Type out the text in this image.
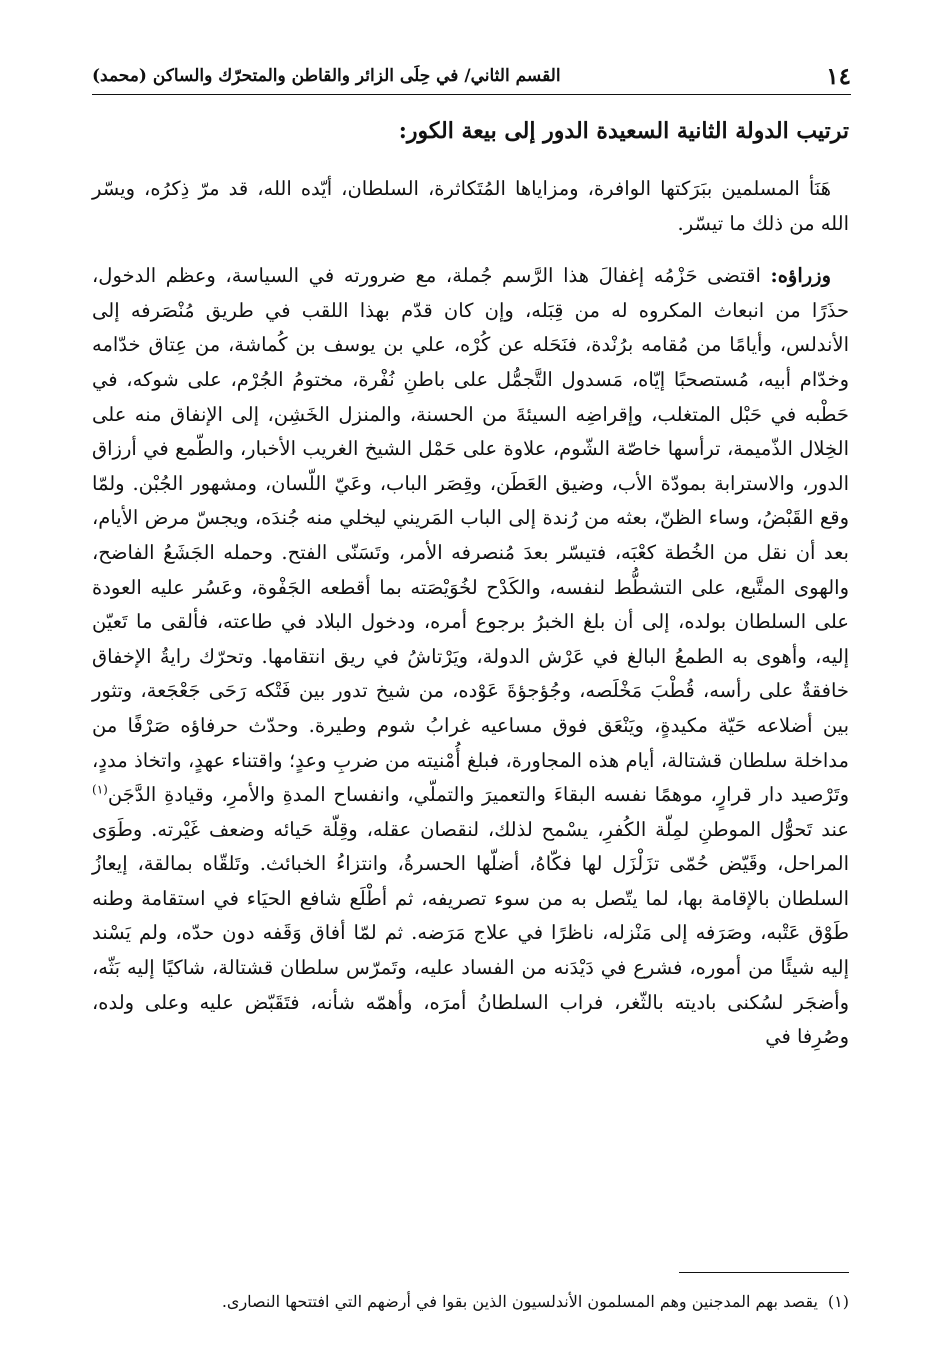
١٤
القسم الثاني/ في حِلَى الزائر والقاطن والمتحرّك والساكن (محمد)
ترتيب الدولة الثانية السعيدة الدور إلى بيعة الكور:

هَنَأ المسلمين ببَرَكتها الوافرة، ومزاياها المُتَكاثرة، السلطان، أيّده الله، قد مرّ ذِكرُه، ويسّر الله من ذلك ما تيسّر.

وزراؤه: اقتضى حَزْمُه إغفالَ هذا الرَّسم جُملة، مع ضرورته في السياسة، وعظم الدخول، حذَرًا من انبعاث المكروه له من قِبَله، وإن كان قدّم بهذا اللقب في طريق مُنْصَرفه إلى الأندلس، وأيامًا من مُقامه برُنْدة، فنَحَله عن كُرْه، علي بن يوسف بن كُماشة، من عِتاق خدّامه وخدّام أبيه، مُستصحبًا إيّاه، مَسدول التَّجمُّل على باطنِ نُفْرة، مختومُ الجُرْم، على شوكه، في حَطْبه في حَبْل المتغلب، وإقراضِه السيئةَ من الحسنة، والمنزل الخَشِن، إلى الإنفاق منه على الخِلال الذّميمة، ترأسها خاصّة الشّوم، علاوة على حَمْل الشيخ الغريب الأخبار، والطّمع في أرزاق الدور، والاسترابة بمودّة الأب، وضيق العَطَن، وقِصَر الباب، وعَيّ اللّسان، ومشهور الجُبْن. ولمّا وقع القَبْضُ، وساء الظنّ، بعثه من رُندة إلى الباب المَريني ليخلي منه جُندَه، ويجسّ مرض الأيام، بعد أن نقل من الخُطة كعْبَه، فتيسّر بعدَ مُنصرفه الأمر، وتَسَنّى الفتح. وحمله الجَشَعُ الفاضح، والهوى المتَّبع، على التشطُّط لنفسه، والكَدْح لخُوَيْصَته بما أقطعه الجَفْوة، وعَسُر عليه العودة على السلطان بولده، إلى أن بلغ الخبرُ برجوع أمره، ودخول البلاد في طاعته، فألقى ما تَعيّن إليه، وأهوى به الطمعُ البالغ في عَرْش الدولة، ويَرْتاشُ في ريق انتقامها. وتحرّك رايةُ الإخفاق خافقةٌ على رأسه، قُطْبَ مَخْلَصه، وجُؤجؤةَ عَوْده، من شيخ تدور بين فَتْكه رَحَى جَعْجَعة، وتثور بين أضلاعه حَيّة مكيدةٍ، ويَنْعَق فوق مساعيه غرابُ شوم وطيرة. وحدّث حرفاؤه صَرْفًا من مداخلة سلطان قشتالة، أيام هذه المجاورة، فبلغ أُمْنيته من ضربِ وعدٍ؛ واقتناء عهدٍ، واتخاذ مددٍ، وتَرْصيد دار قرارٍ، موهمًا نفسه البقاءَ والتعميرَ والتملّي، وانفساح المدةِ والأمرِ، وقيادةِ الدَّجَن$^{(١)}$ عند تَحوُّل الموطنِ لمِلّة الكُفرِ، يسْمح لذلك، لنقصان عقله، وقِلّة حَيائه وضعف غَيْرته. وطَوَى المراحل، وقَيّض حُمّى تزَلْزَل لها فكّاهُ، أضلّها الحسرةُ، وانتزاءُ الخبائث. وتَلقّاه بمالقة، إيعازُ السلطان بالإقامة بها، لما يتّصل به من سوء تصريفه، ثم أطْلَع شافع الحيَاء في استقامة وطنه طَوْق عَتْبه، وصَرَفه إلى مَنْزله، ناظرًا في علاج مَرَضه. ثم لمّا أفاق وَقَفه دون حدّه، ولم يَسْند إليه شيئًا من أموره، فشرع في دَيْدَنه من الفساد عليه، وتَمرّس سلطان قشتالة، شاكيًا إليه بَثّه، وأضجَر لسُكنى باديته بالثّغر، فراب السلطانُ أمرَه، وأهمّه شأنه، فتَقَبّض عليه وعلى ولده، وصُرِفا في

(١)يقصد بهم المدجنين وهم المسلمون الأندلسيون الذين بقوا في أرضهم التي افتتحها النصارى.
